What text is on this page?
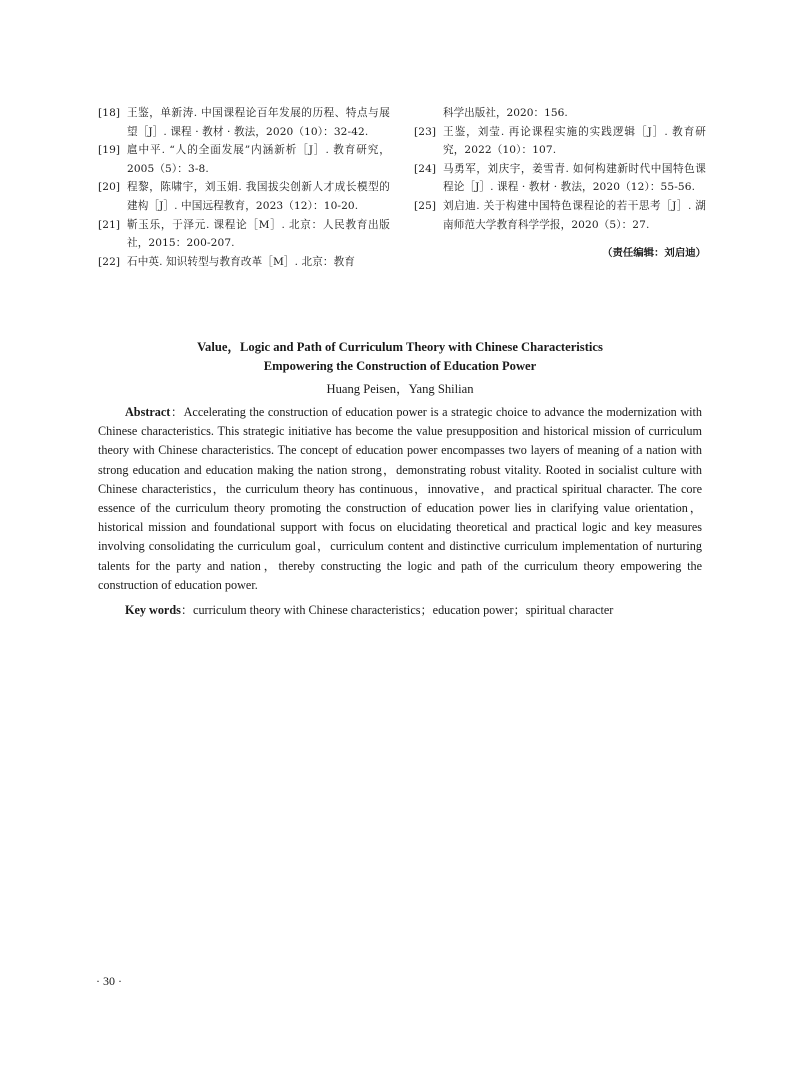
[18] 王鉴，单新涛. 中国课程论百年发展的历程、特点与展望［J］. 课程 · 教材 · 教法，2020（10）：32-42.
[19] 扈中平. “人的全面发展”内涵新析［J］. 教育研究，2005（5）：3-8.
[20] 程黎，陈啸宇，刘玉娟. 我国拔尖创新人才成长模型的建构［J］. 中国远程教育，2023（12）：10-20.
[21] 靳玉乐，于泽元. 课程论［M］. 北京：人民教育出版社，2015：200-207.
[22] 石中英. 知识转型与教育改革［M］. 北京：教育
科学出版社，2020：156.
[23] 王鉴，刘莹. 再论课程实施的实践逻辑［J］. 教育研究，2022（10）：107.
[24] 马勇军，刘庆宇，姜雪青. 如何构建新时代中国特色课程论［J］. 课程 · 教材 · 教法，2020（12）：55-56.
[25] 刘启迪. 关于构建中国特色课程论的若干思考［J］. 湖南师范大学教育科学学报，2020（5）：27.
（责任编辑：刘启迪）
Value，Logic and Path of Curriculum Theory with Chinese Characteristics
Empowering the Construction of Education Power
Huang Peisen，Yang Shilian
Abstract：Accelerating the construction of education power is a strategic choice to advance the modernization with Chinese characteristics. This strategic initiative has become the value presupposition and historical mission of curriculum theory with Chinese characteristics. The concept of education power encompasses two layers of meaning of a nation with strong education and education making the nation strong，demonstrating robust vitality. Rooted in socialist culture with Chinese characteristics，the curriculum theory has continuous，innovative，and practical spiritual character. The core essence of the curriculum theory promoting the construction of education power lies in clarifying value orientation，historical mission and foundational support with focus on elucidating theoretical and practical logic and key measures involving consolidating the curriculum goal，curriculum content and distinctive curriculum implementation of nurturing talents for the party and nation，thereby constructing the logic and path of the curriculum theory empowering the construction of education power.
Key words：curriculum theory with Chinese characteristics；education power；spiritual character
· 30 ·
